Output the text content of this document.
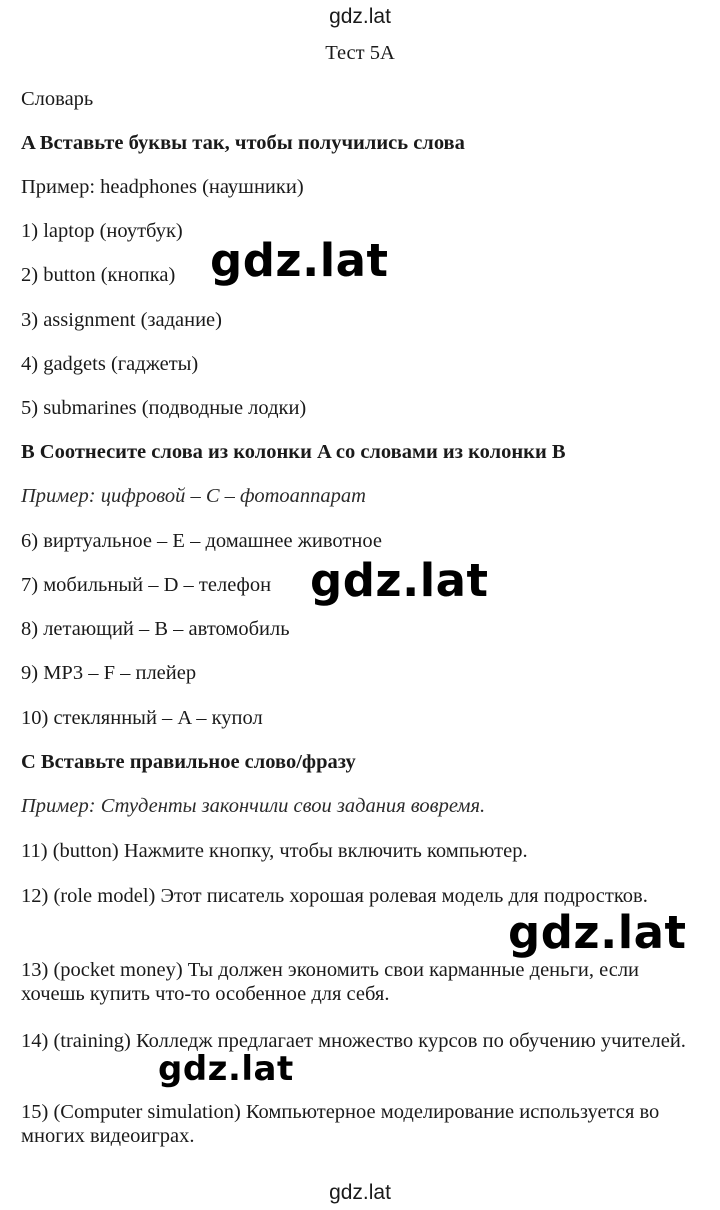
gdz.lat
Тест 5А
Словарь
A Вставьте буквы так, чтобы получились слова
Пример: headphones (наушники)
1) laptop (ноутбук)
2) button (кнопка)
3) assignment (задание)
4) gadgets (гаджеты)
5) submarines (подводные лодки)
B Соотнесите слова из колонки A со словами из колонки B
Пример: цифровой – C – фотоаппарат
6) виртуальное – E – домашнее животное
7) мобильный – D – телефон
8) летающий – B – автомобиль
9) MP3 – F – плейер
10) стеклянный – A – купол
C Вставьте правильное слово/фразу
Пример: Студенты закончили свои задания вовремя.
11) (button) Нажмите кнопку, чтобы включить компьютер.
12) (role model) Этот писатель хорошая ролевая модель для подростков.
13) (pocket money) Ты должен экономить свои карманные деньги, если хочешь купить что-то особенное для себя.
14) (training) Колледж предлагает множество курсов по обучению учителей.
15) (Computer simulation) Компьютерное моделирование используется во многих видеоиграх.
gdz.lat
gdz.lat
gdz.lat
gdz.lat
gdz.lat
